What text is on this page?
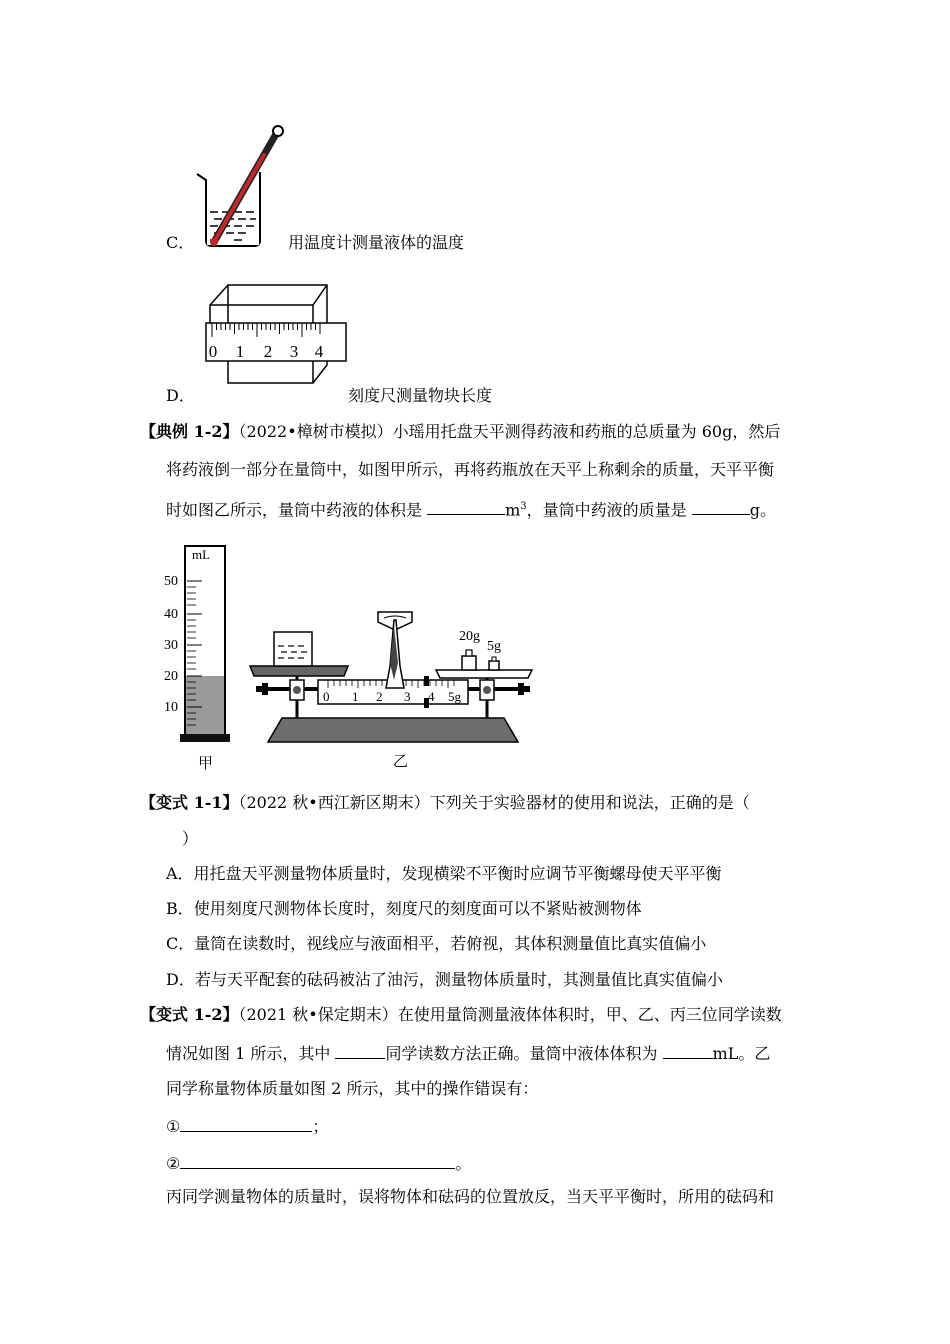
C．	用温度计测量液体的温度
0 1 2 3 4
D．	刻度尺测量物块长度
【典例 1-2】（2022•樟树市模拟）小瑶用托盘天平测得药液和药瓶的总质量为 60g，然后
将药液倒一部分在量筒中，如图甲所示，再将药瓶放在天平上称剩余的质量，天平平衡
时如图乙所示，量筒中药液的体积是	$m^3$，量筒中药液的质量是	g。
mL
50
40
30
20
10
甲
0 1 2 3 4 5g
20g
5g
乙
【变式 1-1】（2022 秋•西江新区期末）下列关于实验器材的使用和说法，正确的是（
）
A．用托盘天平测量物体质量时，发现横梁不平衡时应调节平衡螺母使天平平衡
B．使用刻度尺测物体长度时，刻度尺的刻度面可以不紧贴被测物体
C．量筒在读数时，视线应与液面相平，若俯视，其体积测量值比真实值偏小
D．若与天平配套的砝码被沾了油污，测量物体质量时，其测量值比真实值偏小
【变式 1-2】（2021 秋•保定期末）在使用量筒测量液体体积时，甲、乙、丙三位同学读数
情况如图 1 所示，其中	同学读数方法正确。量筒中液体体积为	mL。乙
同学称量物体质量如图 2 所示，其中的操作错误有：
①	；
②	。
丙同学测量物体的质量时，误将物体和砝码的位置放反，当天平平衡时，所用的砝码和
